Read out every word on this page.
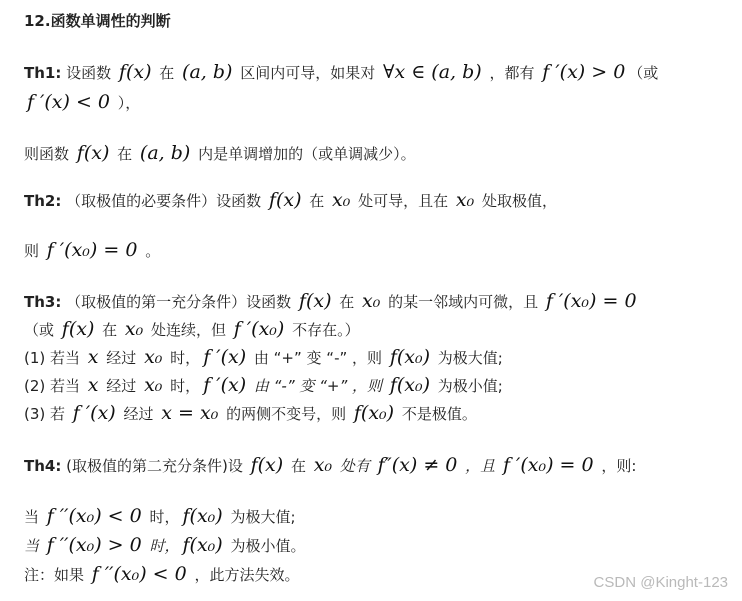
12.函数单调性的判断
Th1: 设函数 f(x) 在 (a, b) 区间内可导，如果对 ∀x ∈ (a, b) ，都有 f ′(x) > 0 （或
f ′(x) < 0 ），
则函数 f(x) 在 (a, b) 内是单调增加的（或单调减少）。
Th2: （取极值的必要条件）设函数 f(x) 在 x₀ 处可导，且在 x₀ 处取极值，
则 f ′(x₀) = 0 。
Th3: （取极值的第一充分条件）设函数 f(x) 在 x₀ 的某一邻域内可微，且 f ′(x₀) = 0
（或 f(x) 在 x₀ 处连续，但 f ′(x₀) 不存在。）
(1) 若当 x 经过 x₀ 时， f ′(x) 由 “+” 变 “-” ，则 f(x₀) 为极大值;
(2) 若当 x 经过 x₀ 时， f ′(x) 由 “-” 变 “+” ，则 f(x₀) 为极小值;
(3) 若 f ′(x) 经过 x = x₀ 的两侧不变号，则 f(x₀) 不是极值。
Th4: (取极值的第二充分条件)设 f(x) 在 x₀ 处有 f″(x) ≠ 0 ，且 f ′(x₀) = 0 ，则:
当 f ′′(x₀) < 0 时， f(x₀) 为极大值;
当 f ′′(x₀) > 0 时， f(x₀) 为极小值。
注：如果 f ′′(x₀) < 0 ，此方法失效。	CSDN @Kinght-123
